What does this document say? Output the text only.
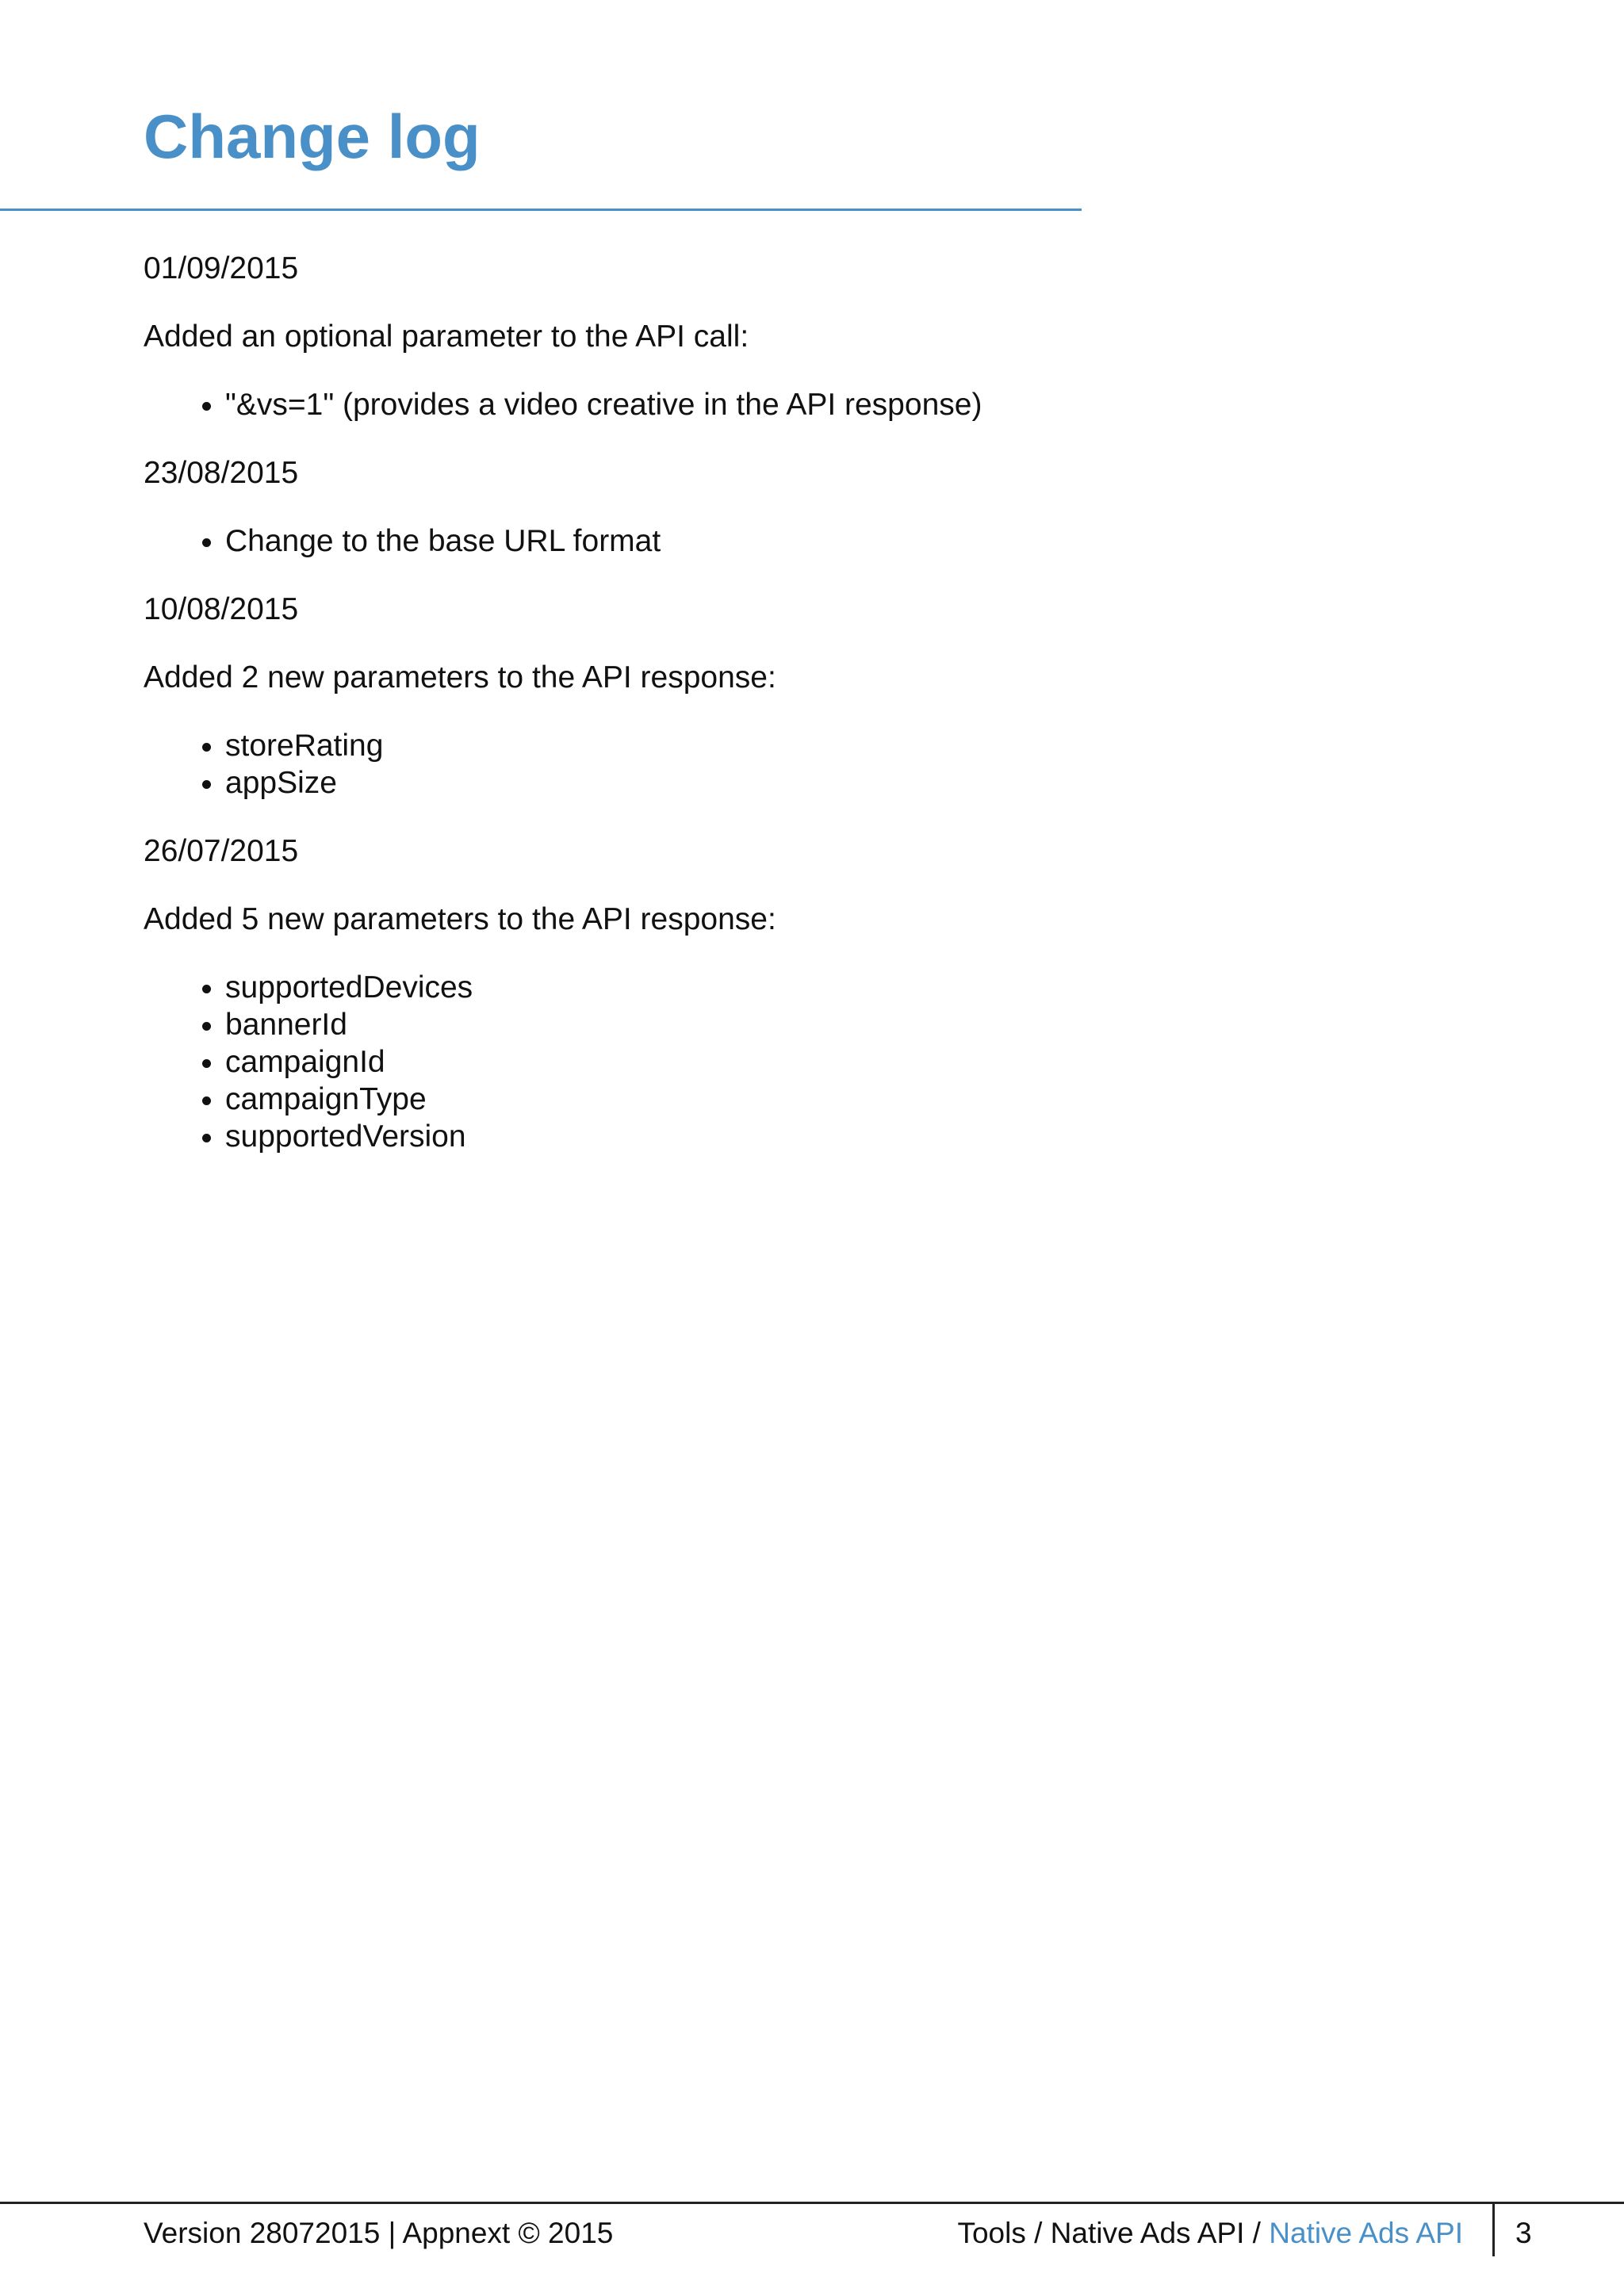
Change log

01/09/2015

Added an optional parameter to the API call:

• "&vs=1" (provides a video creative in the API response)

23/08/2015

• Change to the base URL format

10/08/2015

Added 2 new parameters to the API response:

• storeRating
• appSize

26/07/2015

Added 5 new parameters to the API response:

• supportedDevices
• bannerId
• campaignId
• campaignType
• supportedVersion
Version 28072015 | Appnext © 2015	Tools / Native Ads API / Native Ads API 3
